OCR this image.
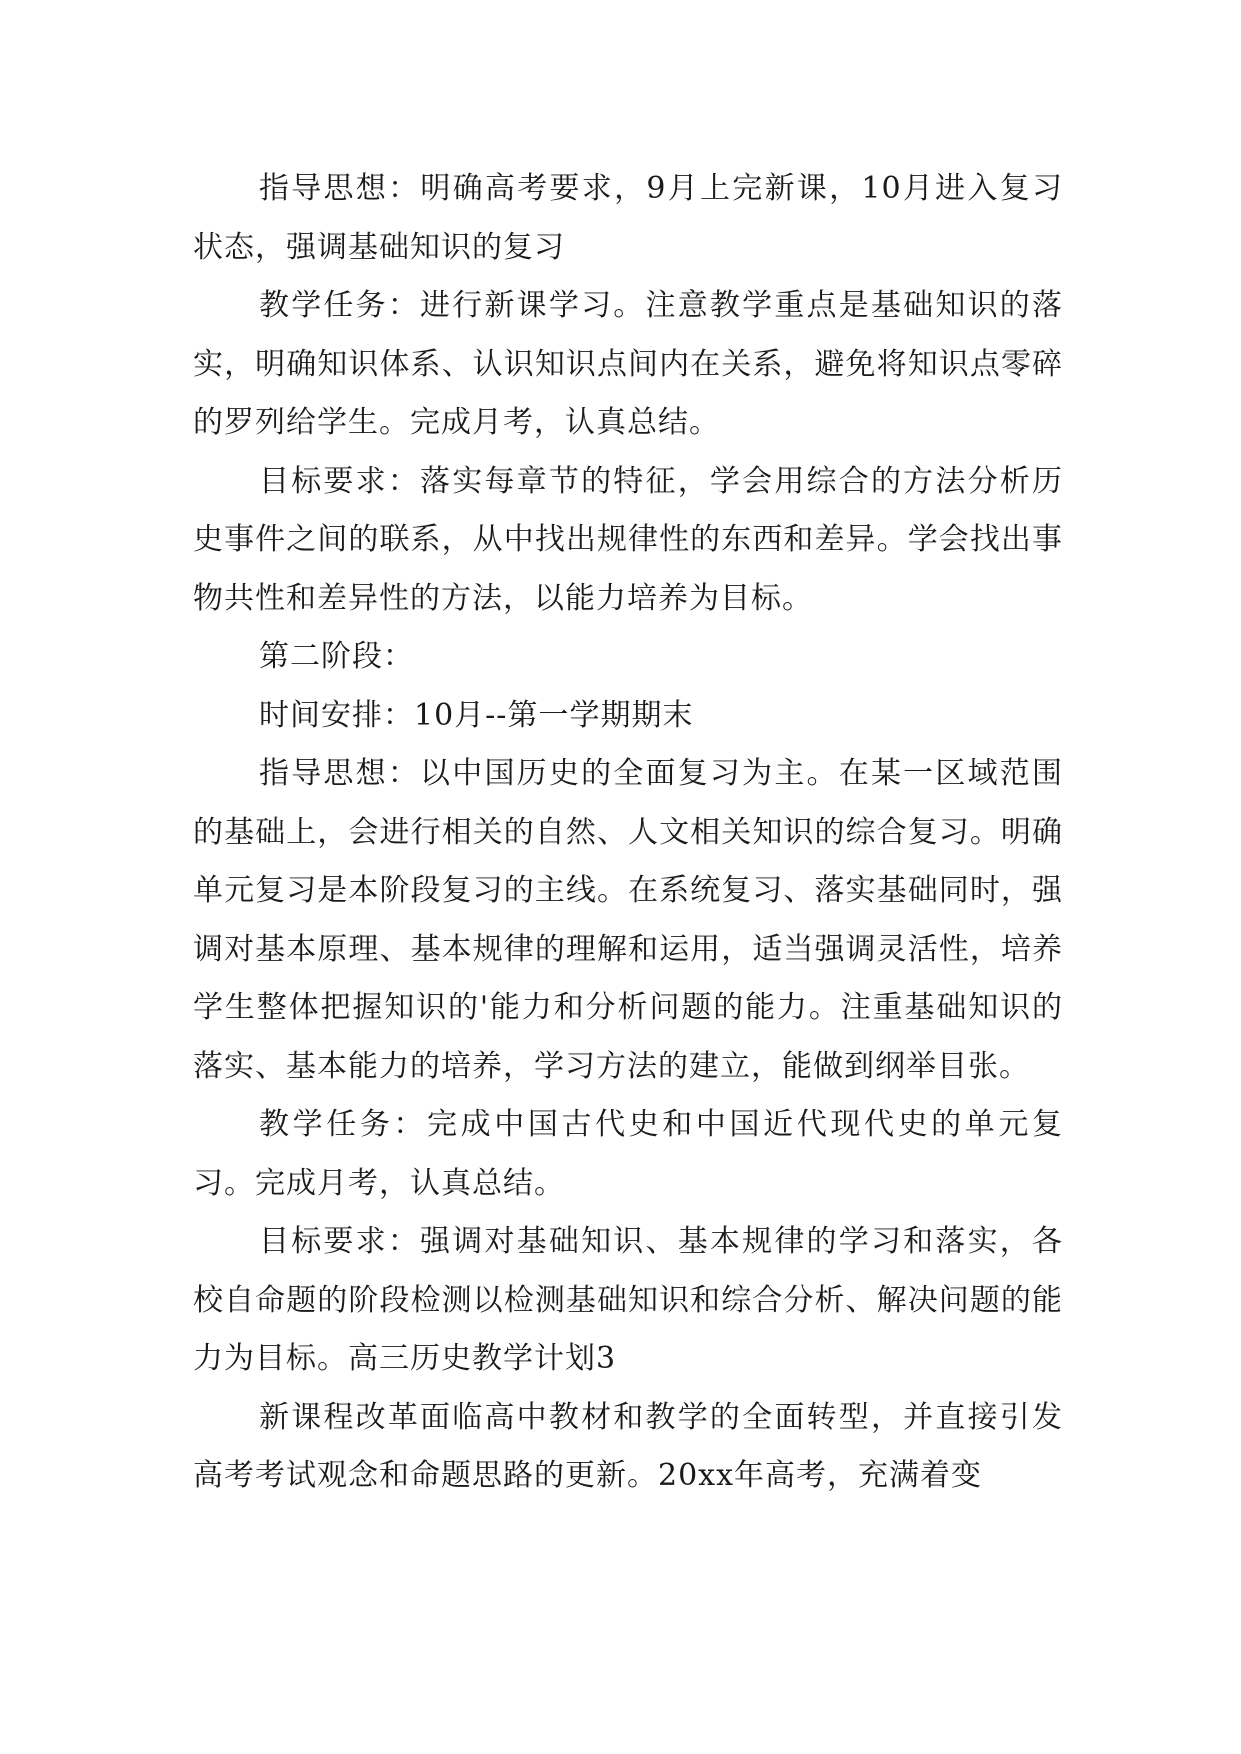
指导思想：明确高考要求，9月上完新课，10月进入复习状态，强调基础知识的复习

教学任务：进行新课学习。注意教学重点是基础知识的落实，明确知识体系、认识知识点间内在关系，避免将知识点零碎的罗列给学生。完成月考，认真总结。

目标要求：落实每章节的特征，学会用综合的方法分析历史事件之间的联系，从中找出规律性的东西和差异。学会找出事物共性和差异性的方法，以能力培养为目标。

第二阶段：

时间安排：10月--第一学期期末

指导思想：以中国历史的全面复习为主。在某一区域范围的基础上，会进行相关的自然、人文相关知识的综合复习。明确单元复习是本阶段复习的主线。在系统复习、落实基础同时，强调对基本原理、基本规律的理解和运用，适当强调灵活性，培养学生整体把握知识的'能力和分析问题的能力。注重基础知识的落实、基本能力的培养，学习方法的建立，能做到纲举目张。

教学任务：完成中国古代史和中国近代现代史的单元复习。完成月考，认真总结。

目标要求：强调对基础知识、基本规律的学习和落实，各校自命题的阶段检测以检测基础知识和综合分析、解决问题的能力为目标。高三历史教学计划3

新课程改革面临高中教材和教学的全面转型，并直接引发高考考试观念和命题思路的更新。20xx年高考，充满着变
